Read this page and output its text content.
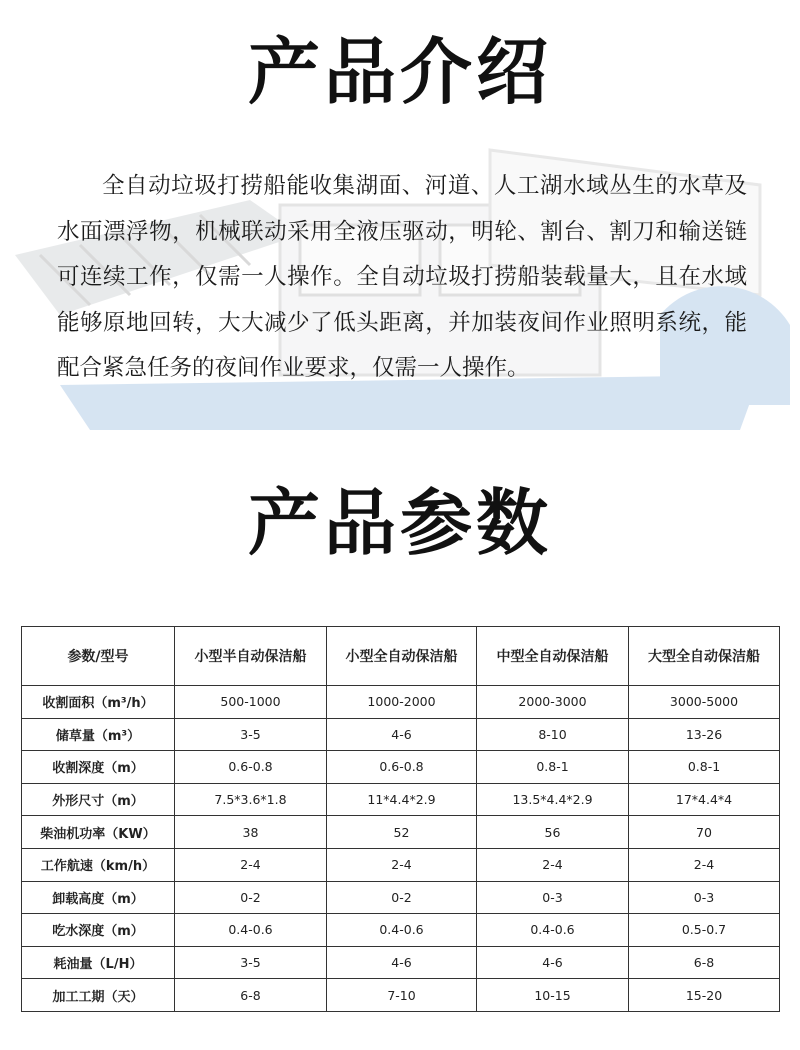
产品介绍

全自动垃圾打捞船能收集湖面、河道、人工湖水域丛生的水草及水面漂浮物，机械联动采用全液压驱动，明轮、割台、割刀和输送链可连续工作，仅需一人操作。全自动垃圾打捞船装载量大，且在水域能够原地回转，大大减少了低头距离，并加装夜间作业照明系统，能配合紧急任务的夜间作业要求，仅需一人操作。

产品参数
参数/型号	小型半自动保洁船	小型全自动保洁船	中型全自动保洁船	大型全自动保洁船
收割面积（m³/h）	500-1000	1000-2000	2000-3000	3000-5000
储草量（m³）	3-5	4-6	8-10	13-26
收割深度（m）	0.6-0.8	0.6-0.8	0.8-1	0.8-1
外形尺寸（m）	7.5*3.6*1.8	11*4.4*2.9	13.5*4.4*2.9	17*4.4*4
柴油机功率（KW）	38	52	56	70
工作航速（km/h）	2-4	2-4	2-4	2-4
卸载高度（m）	0-2	0-2	0-3	0-3
吃水深度（m）	0.4-0.6	0.4-0.6	0.4-0.6	0.5-0.7
耗油量（L/H）	3-5	4-6	4-6	6-8
加工工期（天）	6-8	7-10	10-15	15-20
